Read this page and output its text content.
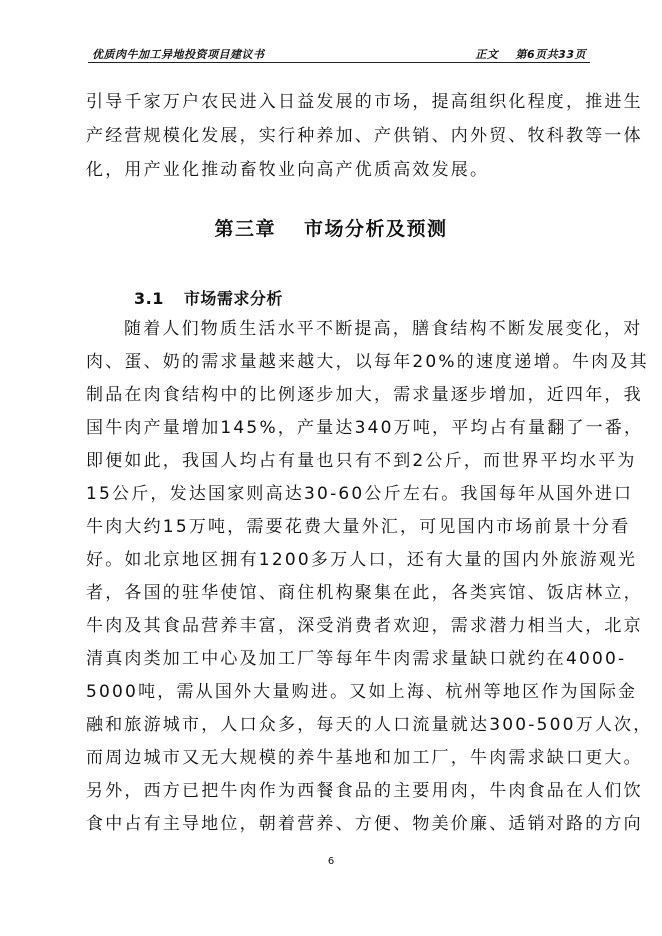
优质肉牛加工异地投资项目建议书	正文 第6页共33页
引导千家万户农民进入日益发展的市场，提高组织化程度，推进生
产经营规模化发展，实行种养加、产供销、内外贸、牧科教等一体
化，用产业化推动畜牧业向高产优质高效发展。
第三章 市场分析及预测
3.1 市场需求分析
随着人们物质生活水平不断提高，膳食结构不断发展变化，对
肉、蛋、奶的需求量越来越大，以每年20%的速度递增。牛肉及其
制品在肉食结构中的比例逐步加大，需求量逐步增加，近四年，我
国牛肉产量增加145%，产量达340万吨，平均占有量翻了一番，
即便如此，我国人均占有量也只有不到2公斤，而世界平均水平为
15公斤，发达国家则高达30-60公斤左右。我国每年从国外进口
牛肉大约15万吨，需要花费大量外汇，可见国内市场前景十分看
好。如北京地区拥有1200多万人口，还有大量的国内外旅游观光
者，各国的驻华使馆、商住机构聚集在此，各类宾馆、饭店林立，
牛肉及其食品营养丰富，深受消费者欢迎，需求潜力相当大，北京
清真肉类加工中心及加工厂等每年牛肉需求量缺口就约在4000-
5000吨，需从国外大量购进。又如上海、杭州等地区作为国际金
融和旅游城市，人口众多，每天的人口流量就达300-500万人次，
而周边城市又无大规模的养牛基地和加工厂，牛肉需求缺口更大。
另外，西方已把牛肉作为西餐食品的主要用肉，牛肉食品在人们饮
食中占有主导地位，朝着营养、方便、物美价廉、适销对路的方向
6
